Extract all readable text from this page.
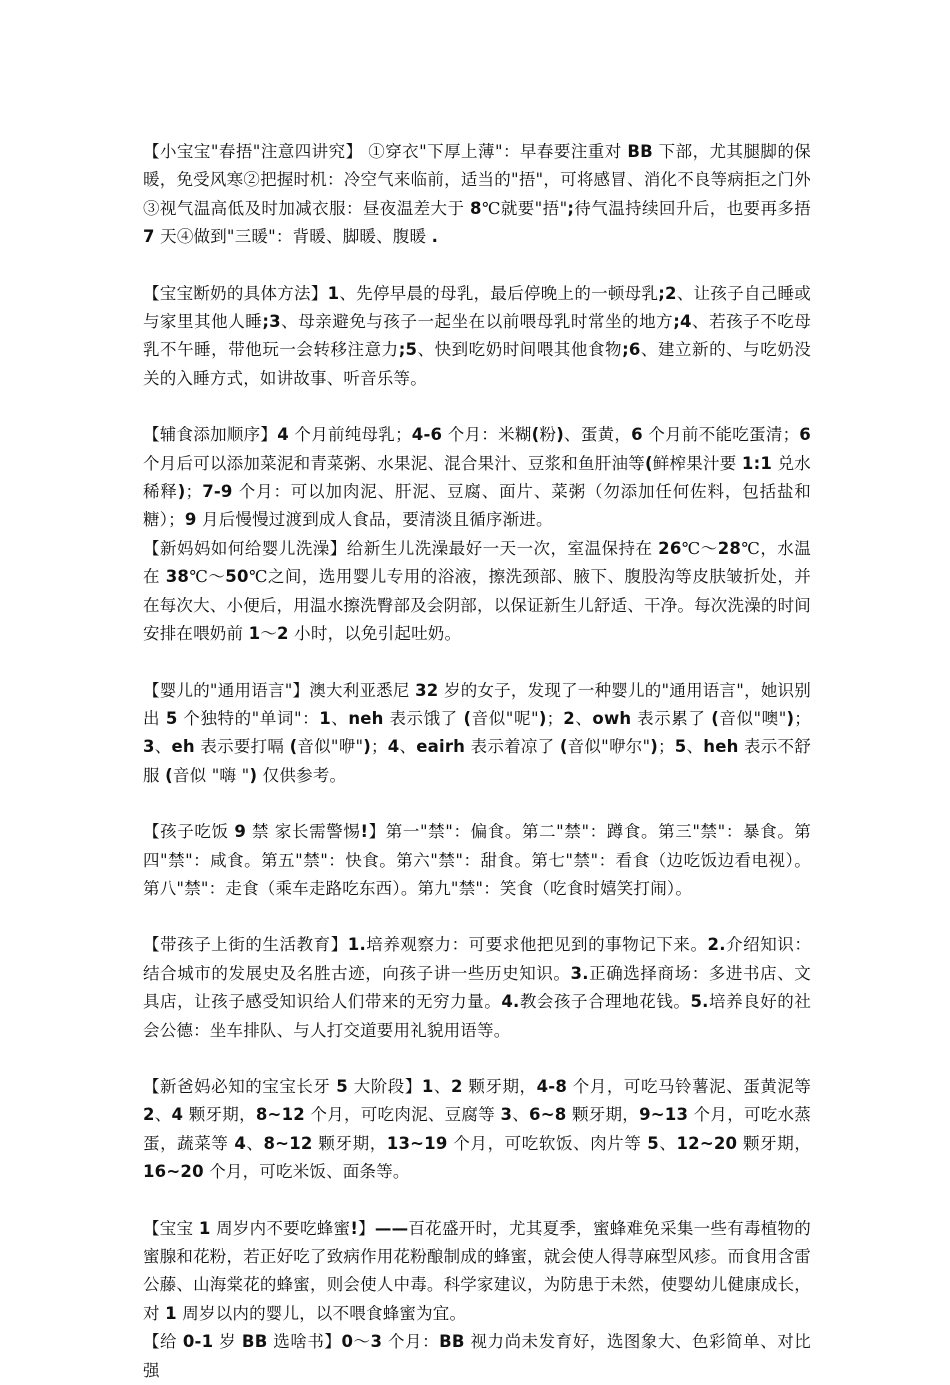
【小宝宝"春捂"注意四讲究】 ①穿衣"下厚上薄"：早春要注重对 BB 下部，尤其腿脚的保暖，免受风寒②把握时机：冷空气来临前，适当的"捂"，可将感冒、消化不良等病拒之门外③视气温高低及时加减衣服：昼夜温差大于 8℃就要"捂";待气温持续回升后，也要再多捂 7 天④做到"三暖"：背暖、脚暖、腹暖 .

【宝宝断奶的具体方法】1、先停早晨的母乳，最后停晚上的一顿母乳;2、让孩子自己睡或与家里其他人睡;3、母亲避免与孩子一起坐在以前喂母乳时常坐的地方;4、若孩子不吃母乳不午睡，带他玩一会转移注意力;5、快到吃奶时间喂其他食物;6、建立新的、与吃奶没关的入睡方式，如讲故事、听音乐等。

【辅食添加顺序】4 个月前纯母乳；4-6 个月：米糊(粉)、蛋黄，6 个月前不能吃蛋清；6 个月后可以添加菜泥和青菜粥、水果泥、混合果汁、豆浆和鱼肝油等(鲜榨果汁要 1:1 兑水稀释)；7-9 个月：可以加肉泥、肝泥、豆腐、面片、菜粥（勿添加任何佐料，包括盐和糖）；9 月后慢慢过渡到成人食品，要清淡且循序渐进。

【新妈妈如何给婴儿洗澡】给新生儿洗澡最好一天一次，室温保持在 26℃～28℃，水温在 38℃～50℃之间，选用婴儿专用的浴液，擦洗颈部、腋下、腹股沟等皮肤皱折处，并在每次大、小便后，用温水擦洗臀部及会阴部，以保证新生儿舒适、干净。每次洗澡的时间安排在喂奶前 1～2 小时，以免引起吐奶。

【婴儿的"通用语言"】澳大利亚悉尼 32 岁的女子，发现了一种婴儿的"通用语言"，她识别出 5 个独特的"单词"：1、neh 表示饿了 (音似"呢")；2、owh 表示累了 (音似"噢")；3、eh 表示要打嗝 (音似"咿")；4、eairh 表示着凉了 (音似"咿尔")；5、heh 表示不舒服 (音似 "嗨 ") 仅供参考。

【孩子吃饭 9 禁 家长需警惕!】第一"禁"：偏食。第二"禁"：蹲食。第三"禁"：暴食。第四"禁"：咸食。第五"禁"：快食。第六"禁"：甜食。第七"禁"：看食（边吃饭边看电视）。第八"禁"：走食（乘车走路吃东西）。第九"禁"：笑食（吃食时嬉笑打闹）。

【带孩子上街的生活教育】1.培养观察力：可要求他把见到的事物记下来。2.介绍知识：结合城市的发展史及名胜古迹，向孩子讲一些历史知识。3.正确选择商场：多进书店、文具店，让孩子感受知识给人们带来的无穷力量。4.教会孩子合理地花钱。5.培养良好的社会公德：坐车排队、与人打交道要用礼貌用语等。

【新爸妈必知的宝宝长牙 5 大阶段】1、2 颗牙期，4-8 个月，可吃马铃薯泥、蛋黄泥等 2、4 颗牙期，8~12 个月，可吃肉泥、豆腐等 3、6~8 颗牙期，9~13 个月，可吃水蒸蛋，蔬菜等 4、8~12 颗牙期，13~19 个月，可吃软饭、肉片等 5、12~20 颗牙期，16~20 个月，可吃米饭、面条等。

【宝宝 1 周岁内不要吃蜂蜜!】——百花盛开时，尤其夏季，蜜蜂难免采集一些有毒植物的蜜腺和花粉，若正好吃了致病作用花粉酿制成的蜂蜜，就会使人得荨麻型风疹。而食用含雷公藤、山海棠花的蜂蜜，则会使人中毒。科学家建议，为防患于未然，使婴幼儿健康成长，对 1 周岁以内的婴儿，以不喂食蜂蜜为宜。

【给 0-1 岁 BB 选啥书】0～3 个月：BB 视力尚未发育好，选图象大、色彩简单、对比强
